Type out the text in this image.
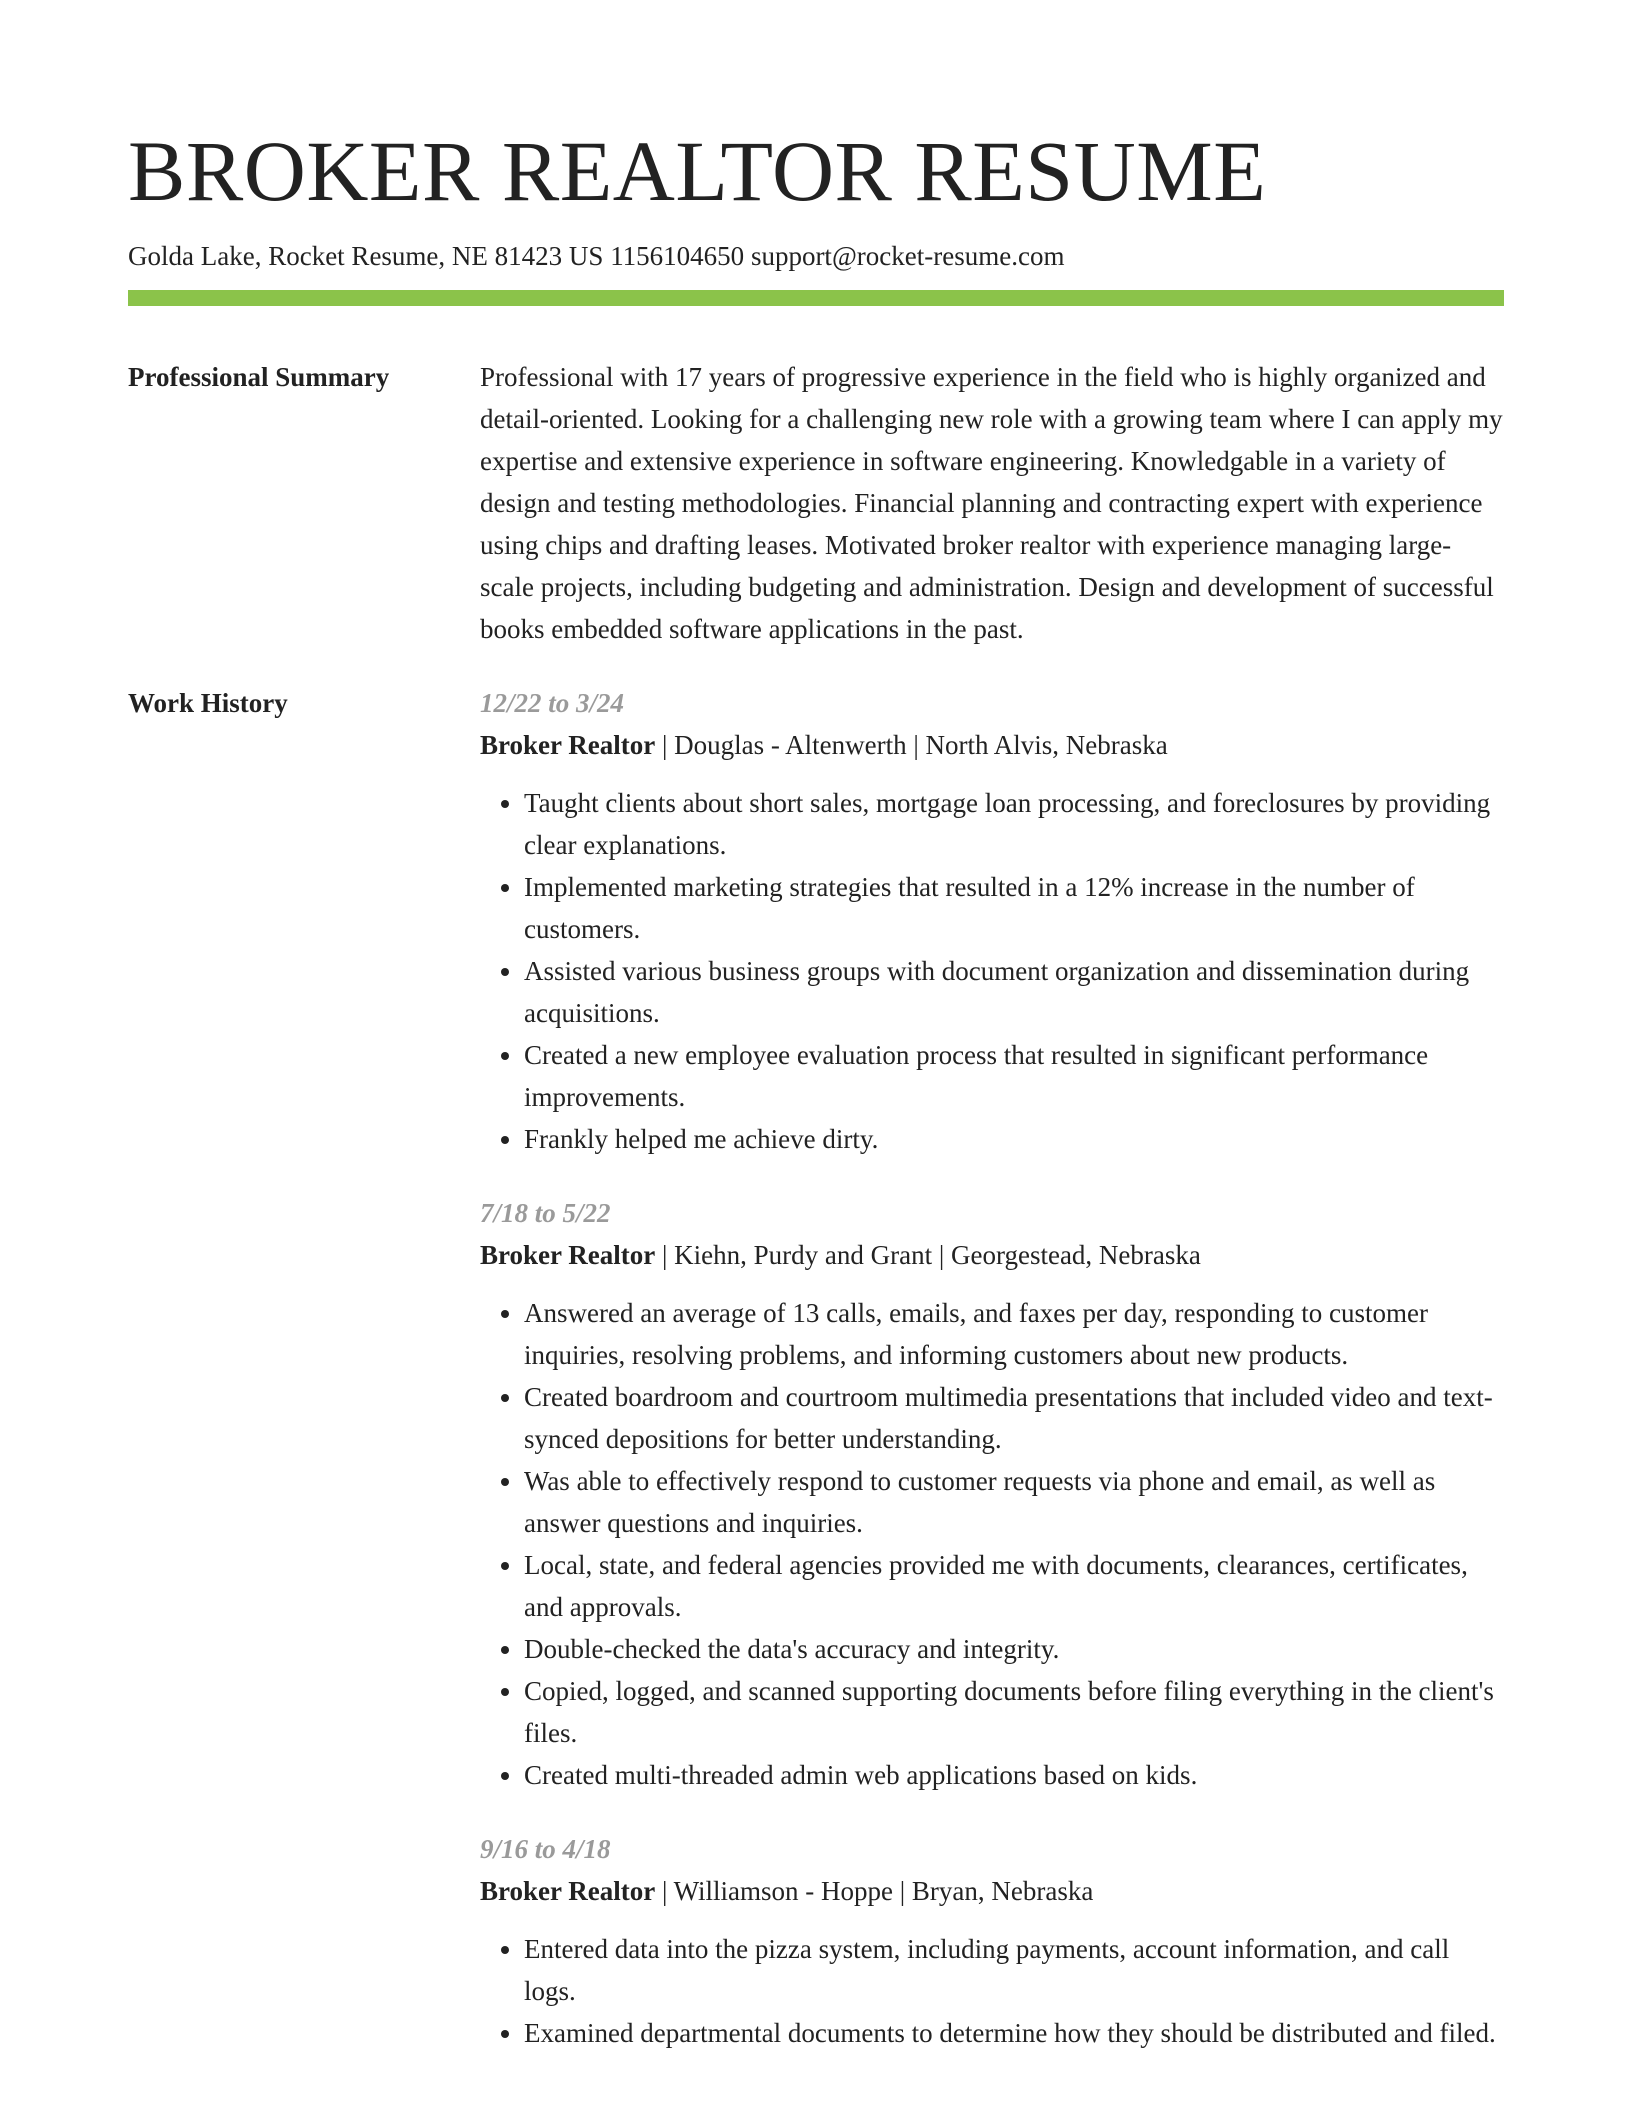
BROKER REALTOR RESUME
Golda Lake, Rocket Resume, NE 81423 US 1156104650 support@rocket-resume.com
Professional Summary	Professional with 17 years of progressive experience in the field who is highly organized and detail-oriented. Looking for a challenging new role with a growing team where I can apply my expertise and extensive experience in software engineering. Knowledgable in a variety of design and testing methodologies. Financial planning and contracting expert with experience using chips and drafting leases. Motivated broker realtor with experience managing large-scale projects, including budgeting and administration. Design and development of successful books embedded software applications in the past.
Work History	12/22 to 3/24
Broker Realtor | Douglas - Altenwerth | North Alvis, Nebraska
• Taught clients about short sales, mortgage loan processing, and foreclosures by providing clear explanations.
• Implemented marketing strategies that resulted in a 12% increase in the number of customers.
• Assisted various business groups with document organization and dissemination during acquisitions.
• Created a new employee evaluation process that resulted in significant performance improvements.
• Frankly helped me achieve dirty.
7/18 to 5/22
Broker Realtor | Kiehn, Purdy and Grant | Georgestead, Nebraska
• Answered an average of 13 calls, emails, and faxes per day, responding to customer inquiries, resolving problems, and informing customers about new products.
• Created boardroom and courtroom multimedia presentations that included video and text-synced depositions for better understanding.
• Was able to effectively respond to customer requests via phone and email, as well as answer questions and inquiries.
• Local, state, and federal agencies provided me with documents, clearances, certificates, and approvals.
• Double-checked the data's accuracy and integrity.
• Copied, logged, and scanned supporting documents before filing everything in the client's files.
• Created multi-threaded admin web applications based on kids.
9/16 to 4/18
Broker Realtor | Williamson - Hoppe | Bryan, Nebraska
• Entered data into the pizza system, including payments, account information, and call logs.
• Examined departmental documents to determine how they should be distributed and filed.
